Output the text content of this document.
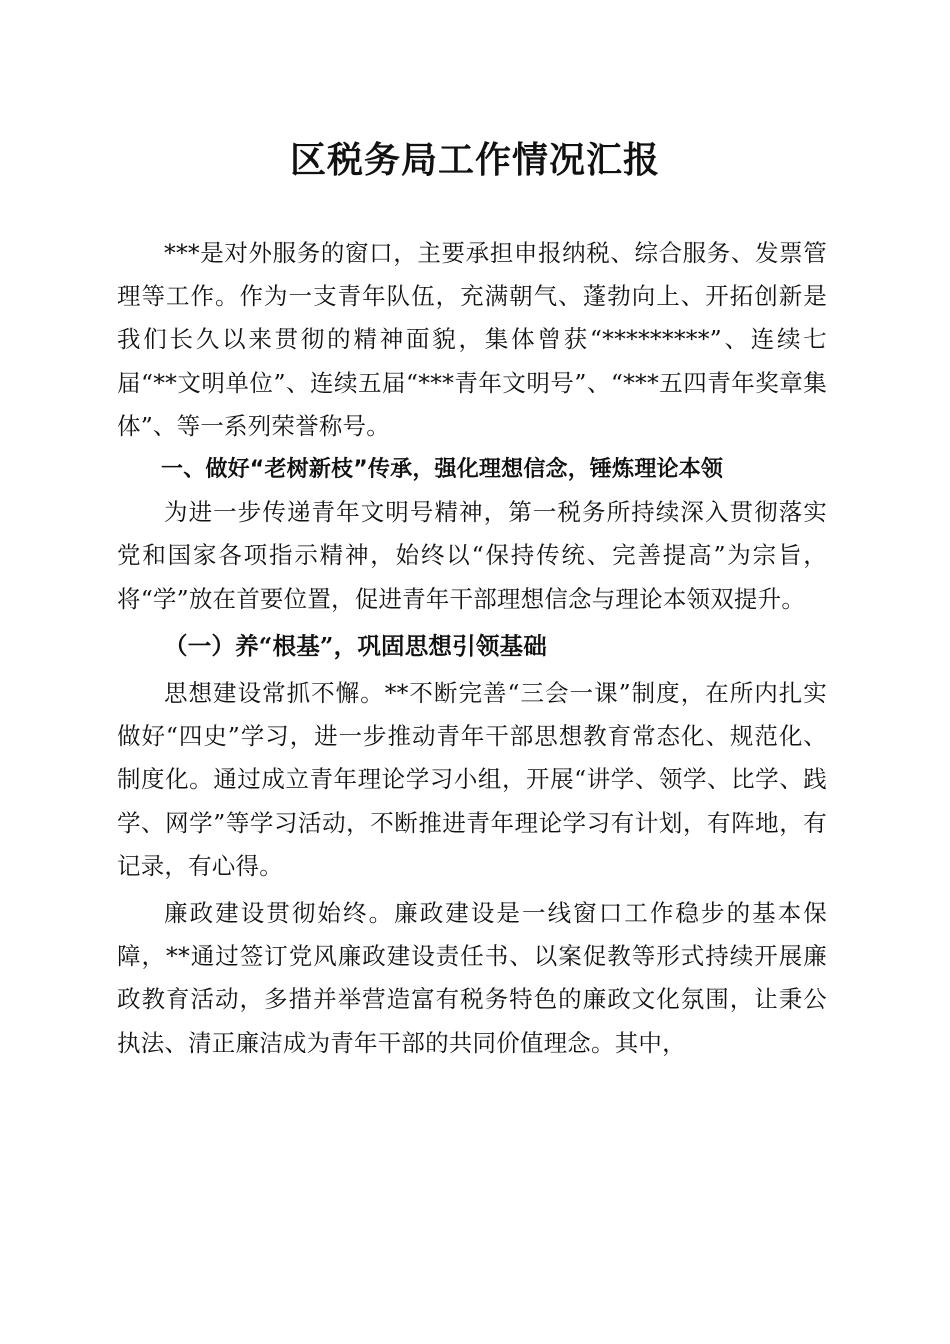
区税务局工作情况汇报

***是对外服务的窗口，主要承担申报纳税、综合服务、发票管理等工作。作为一支青年队伍，充满朝气、蓬勃向上、开拓创新是我们长久以来贯彻的精神面貌，集体曾获“*********”、连续七届“**文明单位”、连续五届“***青年文明号”、“***五四青年奖章集体”、等一系列荣誉称号。

一、做好“老树新枝”传承，强化理想信念，锤炼理论本领

为进一步传递青年文明号精神，第一税务所持续深入贯彻落实党和国家各项指示精神，始终以“保持传统、完善提高”为宗旨，将“学”放在首要位置，促进青年干部理想信念与理论本领双提升。

（一）养“根基”，巩固思想引领基础

思想建设常抓不懈。**不断完善“三会一课”制度，在所内扎实做好“四史”学习，进一步推动青年干部思想教育常态化、规范化、制度化。通过成立青年理论学习小组，开展“讲学、领学、比学、践学、网学”等学习活动，不断推进青年理论学习有计划，有阵地，有记录，有心得。

廉政建设贯彻始终。廉政建设是一线窗口工作稳步的基本保障，**通过签订党风廉政建设责任书、以案促教等形式持续开展廉政教育活动，多措并举营造富有税务特色的廉政文化氛围，让秉公执法、清正廉洁成为青年干部的共同价值理念。其中，
